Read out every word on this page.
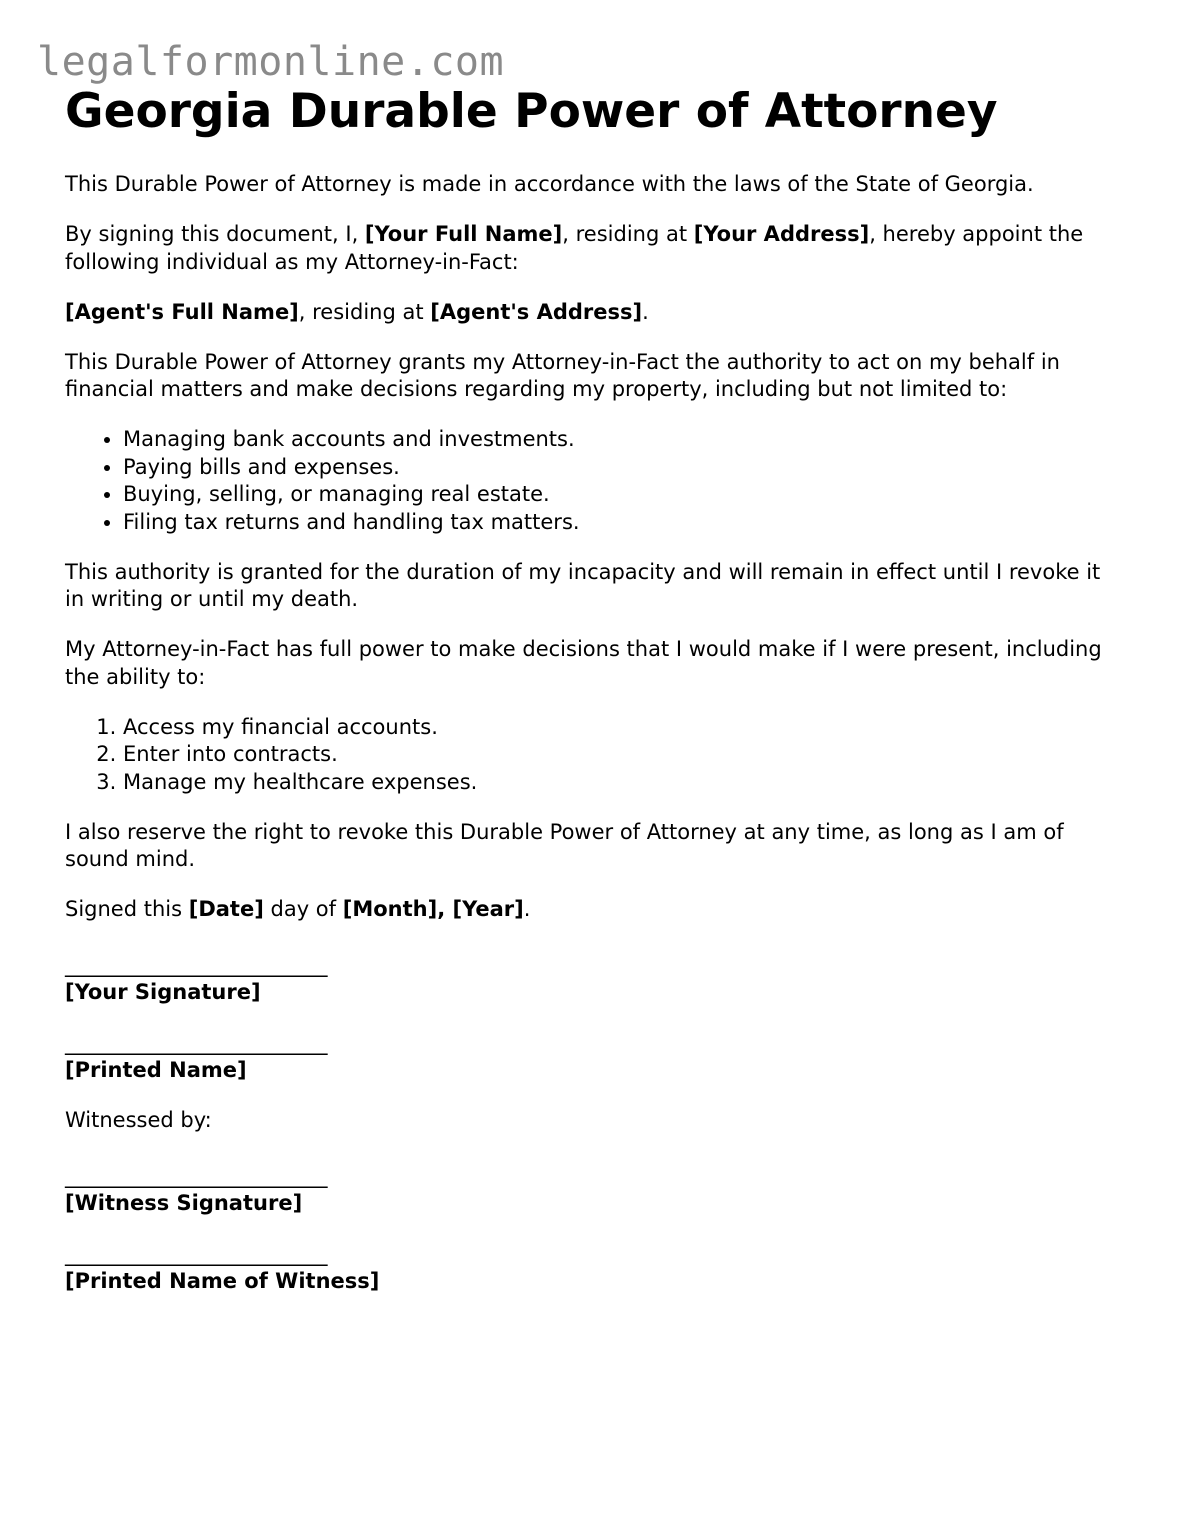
legalformonline.com
Georgia Durable Power of Attorney

This Durable Power of Attorney is made in accordance with the laws of the State of Georgia.

By signing this document, I, [Your Full Name], residing at [Your Address], hereby appoint the following individual as my Attorney-in-Fact:

[Agent's Full Name], residing at [Agent's Address].

This Durable Power of Attorney grants my Attorney-in-Fact the authority to act on my behalf in financial matters and make decisions regarding my property, including but not limited to:

• Managing bank accounts and investments.
• Paying bills and expenses.
• Buying, selling, or managing real estate.
• Filing tax returns and handling tax matters.

This authority is granted for the duration of my incapacity and will remain in effect until I revoke it in writing or until my death.

My Attorney-in-Fact has full power to make decisions that I would make if I were present, including the ability to:

1. Access my financial accounts.
2. Enter into contracts.
3. Manage my healthcare expenses.

I also reserve the right to revoke this Durable Power of Attorney at any time, as long as I am of sound mind.

Signed this [Date] day of [Month], [Year].

_________________________
[Your Signature]
_________________________
[Printed Name]

Witnessed by:

_________________________
[Witness Signature]
_________________________
[Printed Name of Witness]
